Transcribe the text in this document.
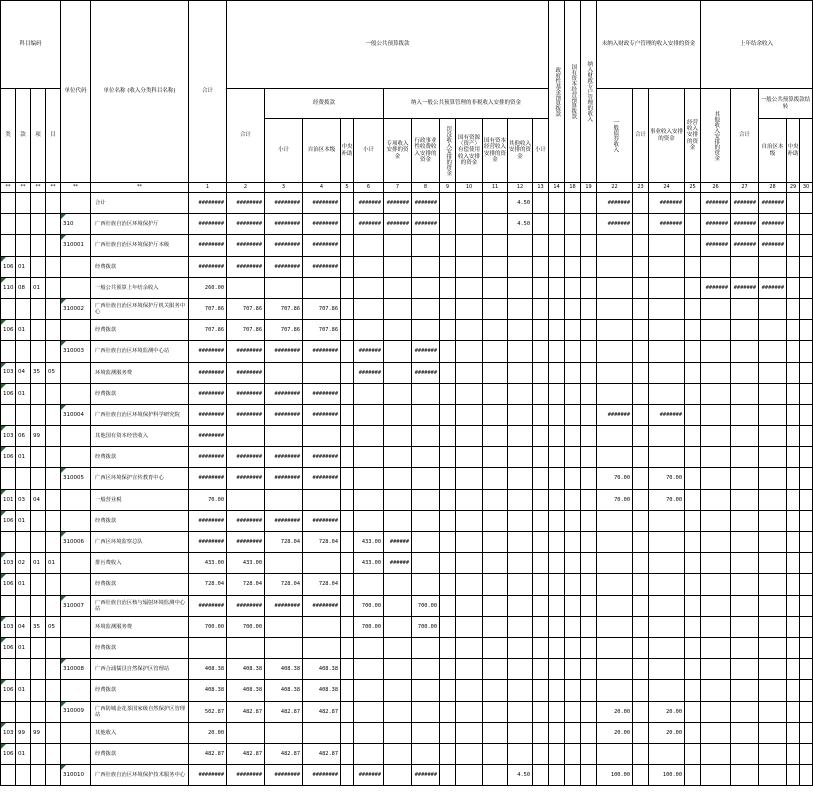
科目编码				单位代码	单位名称 (收入分类科目名称)	合计	一般公共预算拨款												政府性基金预算拨款	国有资本经营预算拨款	纳入财政专户管理的收入	未纳入财政专户管理的收入安排的资金				上年结余收入					
类	款	项	目				合计	经费拨款				纳入一般公共预算管理的非税收入安排的资金										一般债券收入	合计	事业收入安排的资金	经营收入安排的资金	其他收入安排的资金	合计	一般公共预算拨款结转	

								小计	自治区本级	中央补助	小计	专项收入安排的资金	行政事业性收费收入安排的资金	罚没收入安排的资金	国有资源（资产）有偿使用收入安排的资金	国有资本经营收入安排的资金	其他收入安排的资金	小计										自治区本级	中央补助		
**	**	**	**	**	**	1	2	3	4	5	6	7	8	9	10	11	12	13	14	18	19	22	23	24	25	26	27	28	29	30	
					合计	########	########	########	########		#######	#######	#######				4.50					#######		#######		#######	#######	#######			
				310	广西壮族自治区环境保护厅	########	########	########	########		#######	#######	#######				4.50					#######		#######		#######	#######	#######			
				310001	广西壮族自治区环境保护厅本级	########	########	########	########																	#######	#######	#######			
106	01				经费拨款	########	########	########	########																						
110	08	01			一般公共预算上年结余收入	260.00																				#######	#######	#######			
				310002	广西壮族自治区环境保护厅机关服务中心	707.86	707.86	707.86	707.86																						
106	01				经费拨款	707.86	707.86	707.86	707.86																						
				310003	广西壮族自治区环境监测中心站	########	########	########	########		#######		#######																		
103	04	35	05		环境监测服务费	########	########				#######		#######																		
106	01				经费拨款	########	########	########	########																						
				310004	广西壮族自治区环境保护科学研究院	########	########	########	########													#######		#######							
103	06	99			其他国有资本经营收入	########																									
106	01				经费拨款	########	########	########	########																						
				310005	广西区环境保护宣传教育中心	########	########	########	########													70.00		70.00							
101	03	04			一般营业税	70.00																70.00		70.00							
106	01				经费拨款	########	########	########	########																						
				310006	广西区环境监察总队	########	########	728.04	728.04		433.00	######																			
103	02	01	01		排污费收入	433.00	433.00				433.00	######																			
106	01				经费拨款	728.04	728.04	728.04	728.04																						
				310007	广西壮族自治区核与辐射环境监测中心站	########	########	########	########		700.00		700.00																		
103	04	35	05		环境监测服务费	700.00	700.00				700.00		700.00																		
106	01				经费拨款																										
				310008	广西合浦儒艮自然保护区管理站	408.38	408.38	408.38	408.38																						
106	01				经费拨款	408.38	408.38	408.38	408.38																						
				310009	广西防城金花茶国家级自然保护区管理站	502.87	482.87	482.87	482.87													20.00		20.00							
103	99	99			其他收入	20.00																20.00		20.00							
106	01				经费拨款	482.87	482.87	482.87	482.87																						
				310010	广西壮族自治区环境保护技术服务中心	########	########	########	########		#######		#######				4.50					100.00		100.00							
